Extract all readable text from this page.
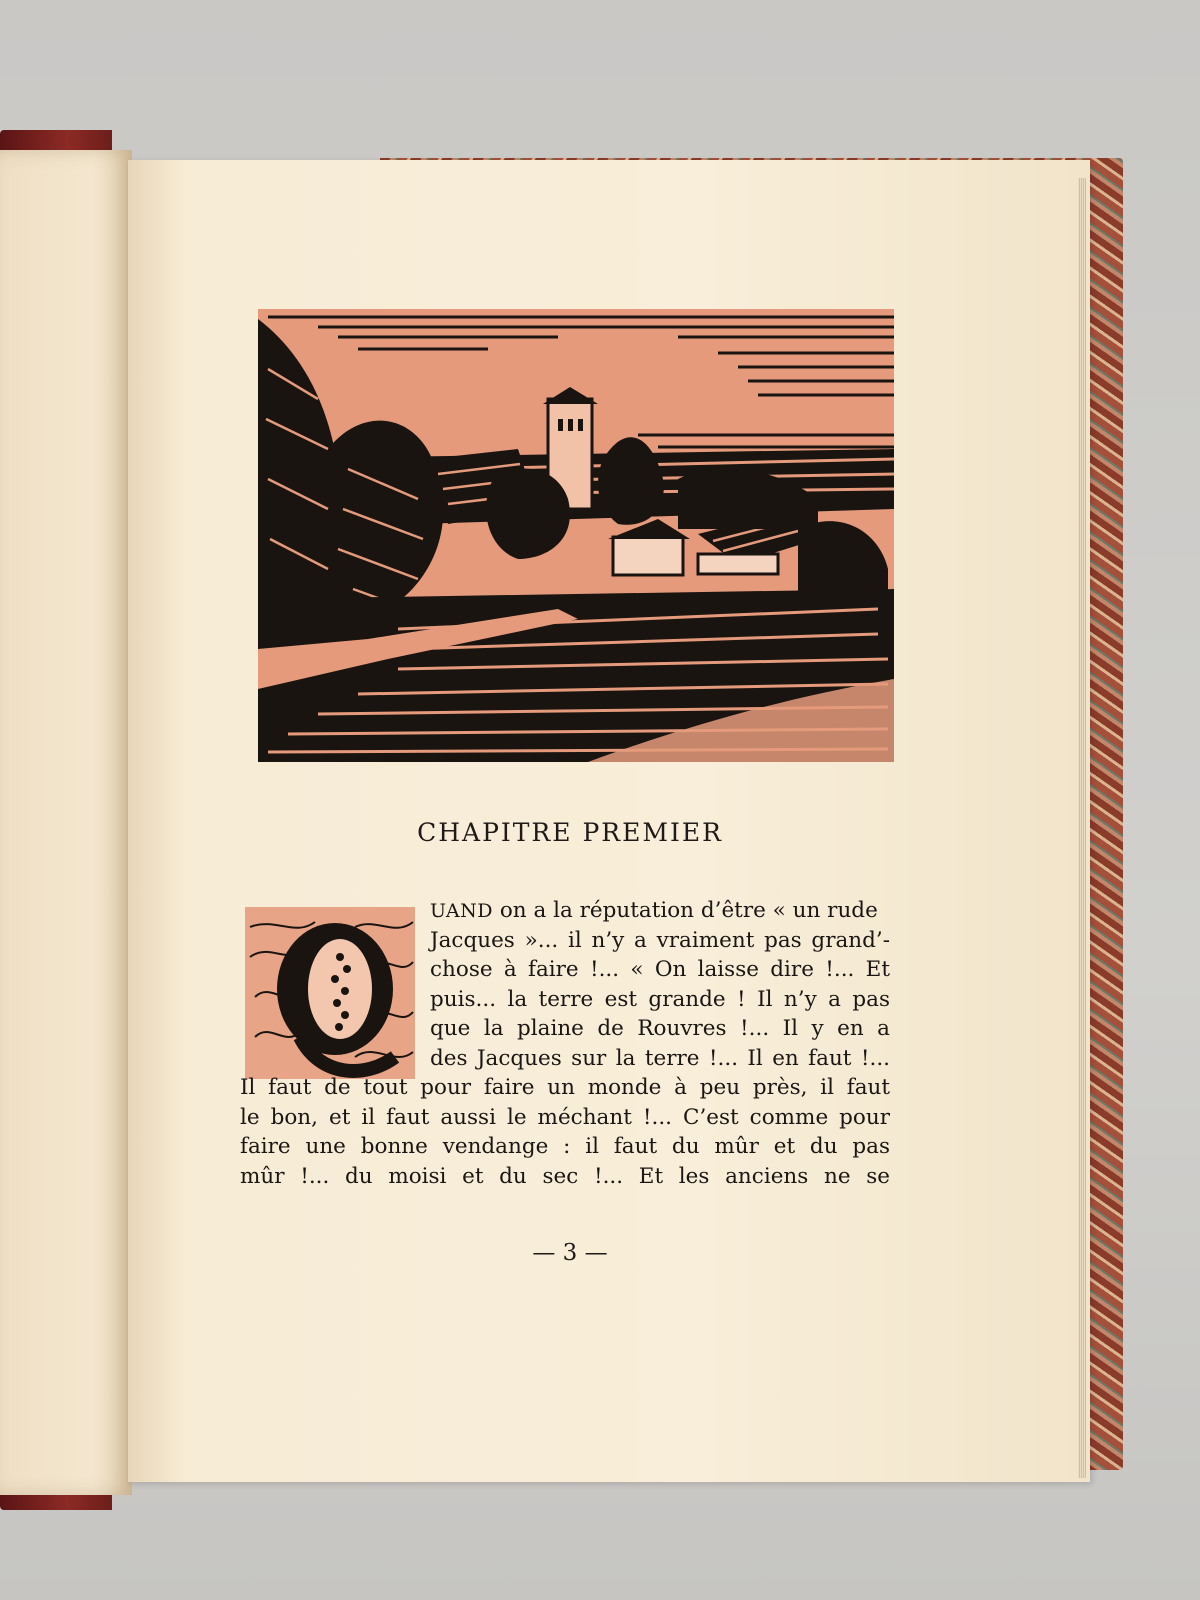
CHAPITRE PREMIER
UAND on a la réputation d’être « un rude
Jacques »... il n’y a vraiment pas grand’-
chose à faire !... « On laisse dire !... Et
puis... la terre est grande ! Il n’y a pas
que la plaine de Rouvres !... Il y en a
des Jacques sur la terre !... Il en faut !...
Il faut de tout pour faire un monde à peu près, il faut
le bon, et il faut aussi le méchant !... C’est comme pour
faire une bonne vendange : il faut du mûr et du pas
mûr !... du moisi et du sec !... Et les anciens ne se
— 3 —
